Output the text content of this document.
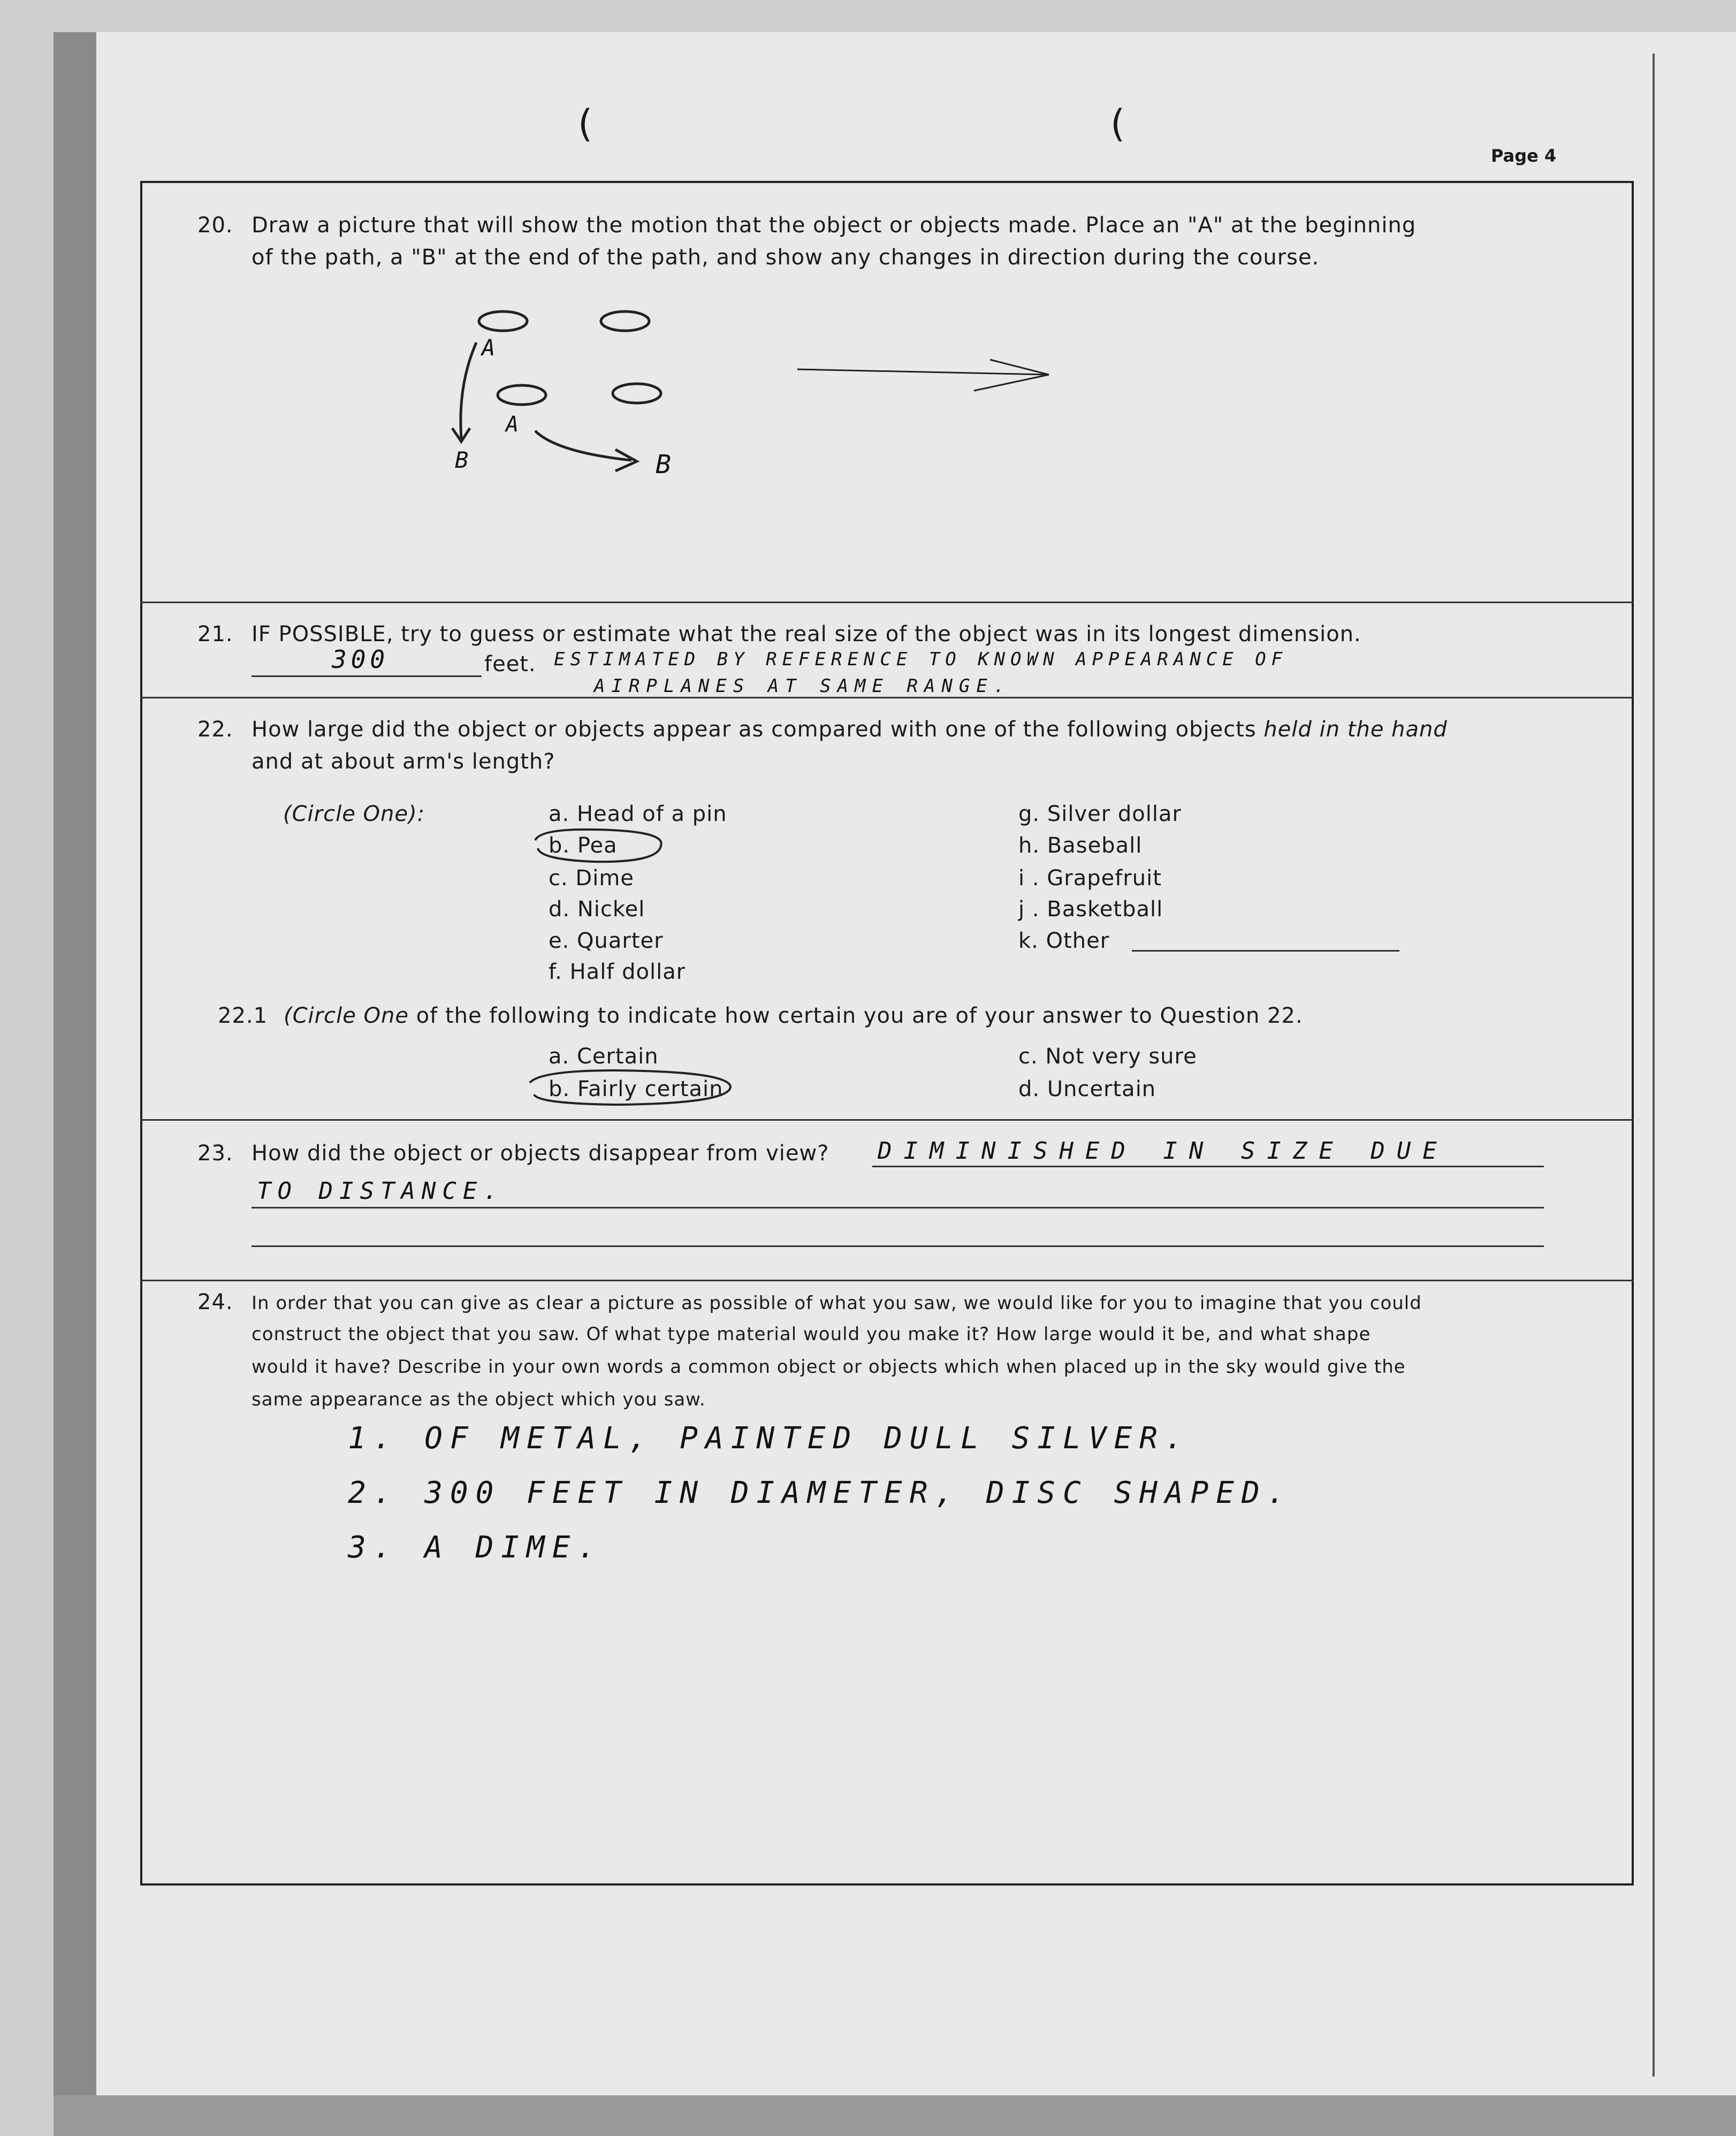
Page 4
(	(
20. Draw a picture that will show the motion that the object or objects made. Place an "A" at the beginning
of the path, a "B" at the end of the path, and show any changes in direction during the course.
A
B
A
B
21. IF POSSIBLE, try to guess or estimate what the real size of the object was in its longest dimension.
300	feet. ESTIMATED BY REFERENCE TO KNOWN APPEARANCE OF
AIRPLANES AT SAME RANGE.
22. How large did the object or objects appear as compared with one of the following objects held in the hand
and at about arm's length?
(Circle One):	a. Head of a pin
b. Pea
c. Dime
d. Nickel
e. Quarter
f. Half dollar
g. Silver dollar
h. Baseball
i . Grapefruit
j . Basketball
k. Other
22.1 (Circle One of the following to indicate how certain you are of your answer to Question 22.
a. Certain
b. Fairly certain
c. Not very sure
d. Uncertain
23. How did the object or objects disappear from view? DIMINISHED IN SIZE DUE
TO DISTANCE.
24. In order that you can give as clear a picture as possible of what you saw, we would like for you to imagine that you could
construct the object that you saw. Of what type material would you make it? How large would it be, and what shape
would it have? Describe in your own words a common object or objects which when placed up in the sky would give the
same appearance as the object which you saw.
1. OF METAL, PAINTED DULL SILVER.
2. 300 FEET IN DIAMETER, DISC SHAPED.
3. A DIME.
